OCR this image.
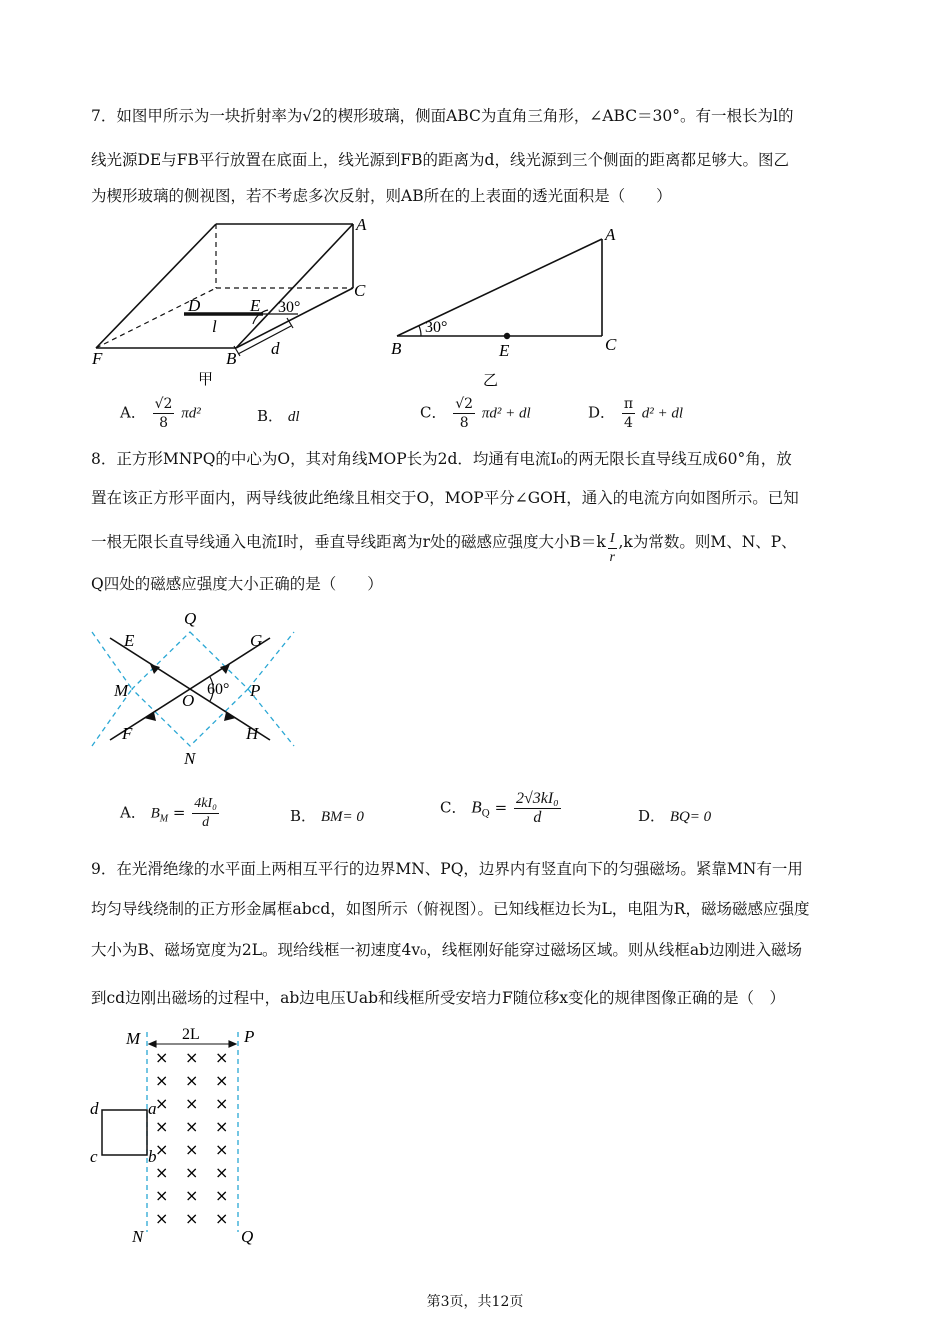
7．如图甲所示为一块折射率为√2的楔形玻璃，侧面ABC为直角三角形，∠ABC＝30°。有一根长为l的
线光源DE与FB平行放置在底面上，线光源到FB的距离为d，线光源到三个侧面的距离都足够大。图乙
为楔形玻璃的侧视图，若不考虑多次反射，则AB所在的上表面的透光面积是（　　）
A
C
D	E 30°
l
F	B
d
甲
A
30°
B	E	C
乙
A． $\frac{√2}{8} \pi d^2$	B． dl	C． $\frac{√2}{8} \pi d^2$ + dl	D． $\frac{\pi}{4} d^2$ + dl
8．正方形MNPQ的中心为O，其对角线MOP长为2d．均通有电流I₀的两无限长直导线互成60°角，放
置在该正方形平面内，两导线彼此绝缘且相交于O，MOP平分∠GOH，通入的电流方向如图所示。已知
一根无限长直导线通入电流I时，垂直导线距离为r处的磁感应强度大小$B=k \frac{I}{r} ,k$为常数。则M、N、P、
Q四处的磁感应强度大小正确的是（　　）
Q
E	G
M
O
60° P
F	H
N
A． $B_M = \frac{\text{4kI₀}}{d}$	B． BM= 0
C． $B_Q = \frac{\text{2√3kI₀}}{d}$	D． BQ= 0
9．在光滑绝缘的水平面上两相互平行的边界MN、PQ，边界内有竖直向下的匀强磁场。紧靠MN有一用
均匀导线绕制的正方形金属框abcd，如图所示（俯视图）。已知线框边长为L，电阻为R，磁场磁感应强度
大小为B、磁场宽度为2L。现给线框一初速度4v₀，线框刚好能穿过磁场区域。则从线框ab边刚进入磁场
到cd边刚出磁场的过程中，ab边电压Uab和线框所受安培力F随位移x变化的规律图像正确的是（　）
× × ×
× × ×
× × ×
× × ×
× × ×
× × ×
× × ×
× × ×
M	2L	P
d	a
c	b
N	Q
第3页，共12页
